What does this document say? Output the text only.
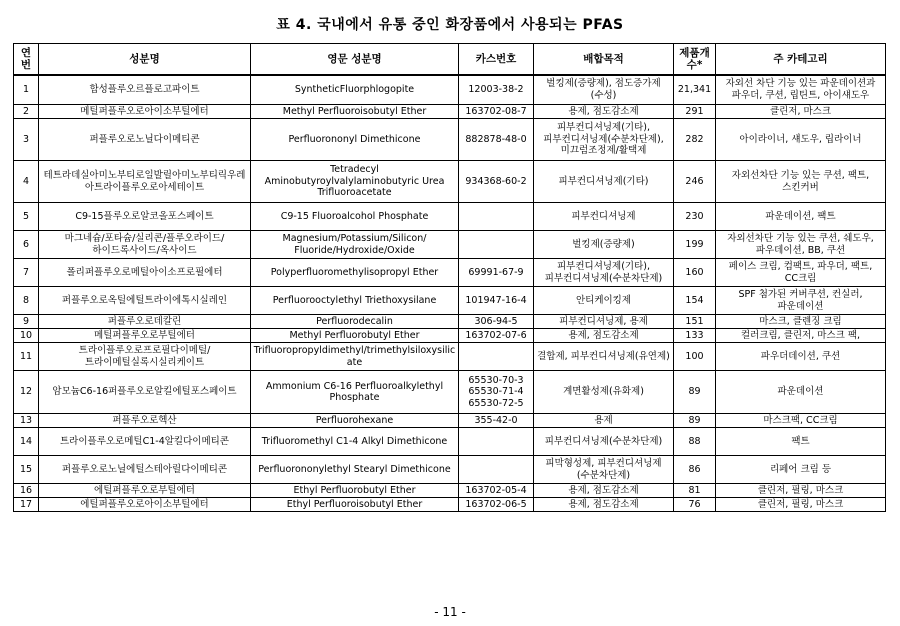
표 4. 국내에서 유통 중인 화장품에서 사용되는 PFAS
연번	성분명	영문 성분명	카스번호	배합목적	제품개수*	주 카테고리
1	합성플루오르플로고파이트	SyntheticFluorphlogopite	12003-38-2	벌킹제(증량제), 점도증가제(수성)	21,341	자외선 차단 기능 있는 파운데이션과 파우더, 쿠션, 립틴트, 아이섀도우
2	메틸퍼플루오로아이소부틸에터	Methyl Perfluoroisobutyl Ether	163702-08-7	용제, 점도감소제	291	클린저, 마스크
3	퍼플루오로노닐다이메티콘	Perfluorononyl Dimethicone	882878-48-0	피부컨디셔닝제(기타), 피부컨디셔닝제(수분차단제), 미끄럼조정제/활택제	282	아이라이너, 섀도우, 립라이너
4	테트라데실아미노부티로일발릴아미노부티릭우레아트라이플루오로아세테이트	Tetradecyl Aminobutyroylvalylaminobutyric Urea Trifluoroacetate	934368-60-2	피부컨디셔닝제(기타)	246	자외선차단 기능 있는 쿠션, 팩트, 스킨커버
5	C9-15플루오로알코올포스페이트	C9-15 Fluoroalcohol Phosphate		피부컨디셔닝제	230	파운데이션, 팩트
6	마그네슘/포타슘/실리콘/플루오라이드/하이드록사이드/옥사이드	Magnesium/Potassium/Silicon/ Fluoride/Hydroxide/Oxide		벌킹제(증량제)	199	자외선차단 기능 있는 쿠션, 쉐도우, 파우데이션, BB, 쿠션
7	폴리퍼플루오로메틸아이소프로필에터	Polyperfluoromethylisopropyl Ether	69991-67-9	피부컨디셔닝제(기타), 피부컨디셔닝제(수분차단제)	160	페이스 크림, 컴팩트, 파우더, 팩트, CC크림
8	퍼플루오로옥틸에틸트라이에톡시실레인	Perfluorooctylethyl Triethoxysilane	101947-16-4	안티케이킹제	154	SPF 첨가된 커버쿠션, 컨실러, 파운데이션
9	퍼플루오로데칼린	Perfluorodecalin	306-94-5	피부컨디셔닝제, 용제	151	마스크, 클렌징 크림
10	메틸퍼플루오로부틸에터	Methyl Perfluorobutyl Ether	163702-07-6	용제, 점도감소제	133	컬러크림, 클린저, 마스크 팩,
11	트라이플루오로프로필다이메틸/트라이메틸실록시실리케이트	Trifluoropropyldimethyl/trimethylsiloxysilicate		결합제, 피부컨디셔닝제(유연제)	100	파우더데이션, 쿠션
12	암모늄C6-16퍼플루오로알킬에틸포스페이트	Ammonium C6-16 Perfluoroalkylethyl Phosphate	65530-70-3
65530-71-4
65530-72-5	계면활성제(유화제)	89	파운데이션
13	퍼플루오로헥산	Perfluorohexane	355-42-0	용제	89	마스크팩, CC크림
14	트라이플루오로메틸C1-4알킬다이메티콘	Trifluoromethyl C1-4 Alkyl Dimethicone		피부컨디셔닝제(수분차단제)	88	팩트
15	퍼플루오로노닐에틸스테아릴다이메티콘	Perfluorononylethyl Stearyl Dimethicone		피막형성제, 피부컨디셔닝제(수분차단제)	86	리페어 크림 등
16	에틸퍼플루오로부틸에터	Ethyl Perfluorobutyl Ether	163702-05-4	용제, 점도감소제	81	클린저, 필링, 마스크
17	에틸퍼플루오로아이소부틸에터	Ethyl Perfluoroisobutyl Ether	163702-06-5	용제, 점도감소제	76	클린저, 필링, 마스크
- 11 -
